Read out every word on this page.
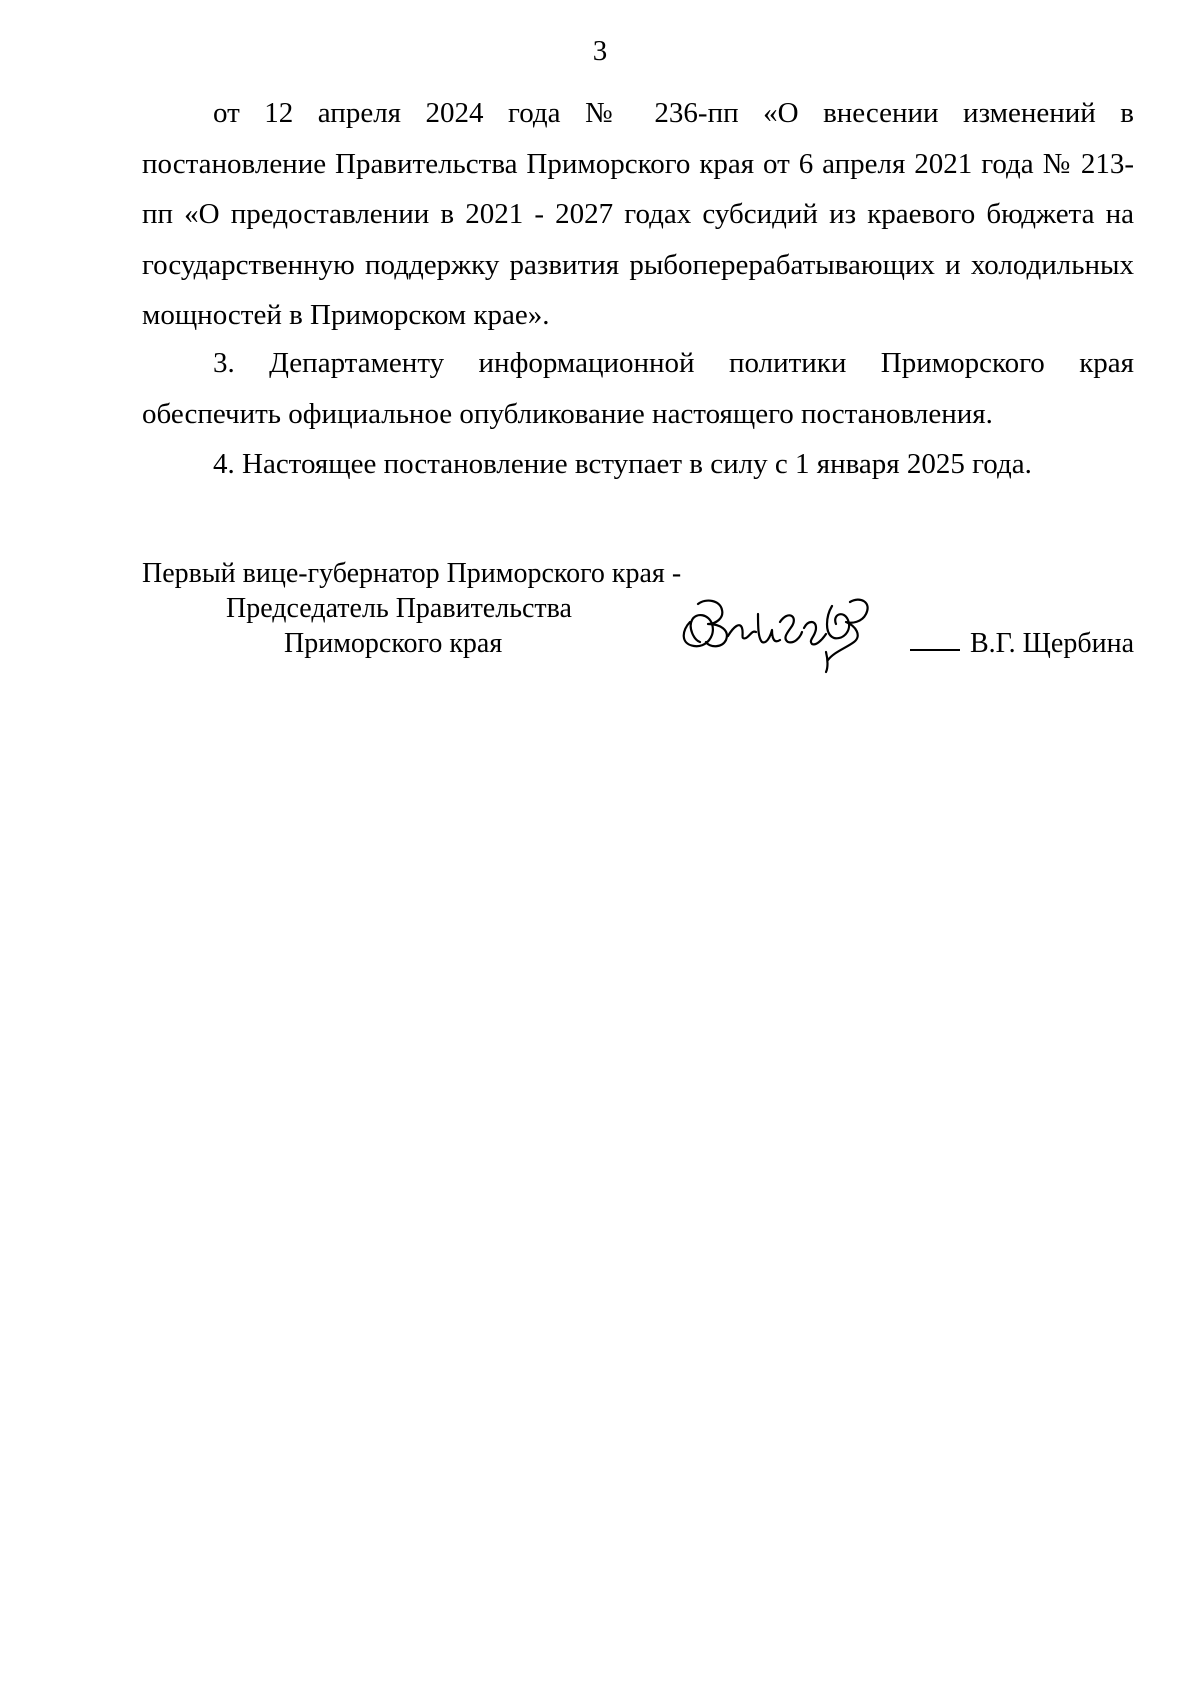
3

от 12 апреля 2024 года № 236-пп «О внесении изменений в постановление Правительства Приморского края от 6 апреля 2021 года № 213-пп «О предоставлении в 2021 - 2027 годах субсидий из краевого бюджета на государственную поддержку развития рыбоперерабатывающих и холодильных мощностей в Приморском крае».

3. Департаменту информационной политики Приморского края обеспечить официальное опубликование настоящего постановления.

4. Настоящее постановление вступает в силу с 1 января 2025 года.

Первый вице-губернатор Приморского края -
Председатель Правительства
Приморского края	В.Г. Щербина
